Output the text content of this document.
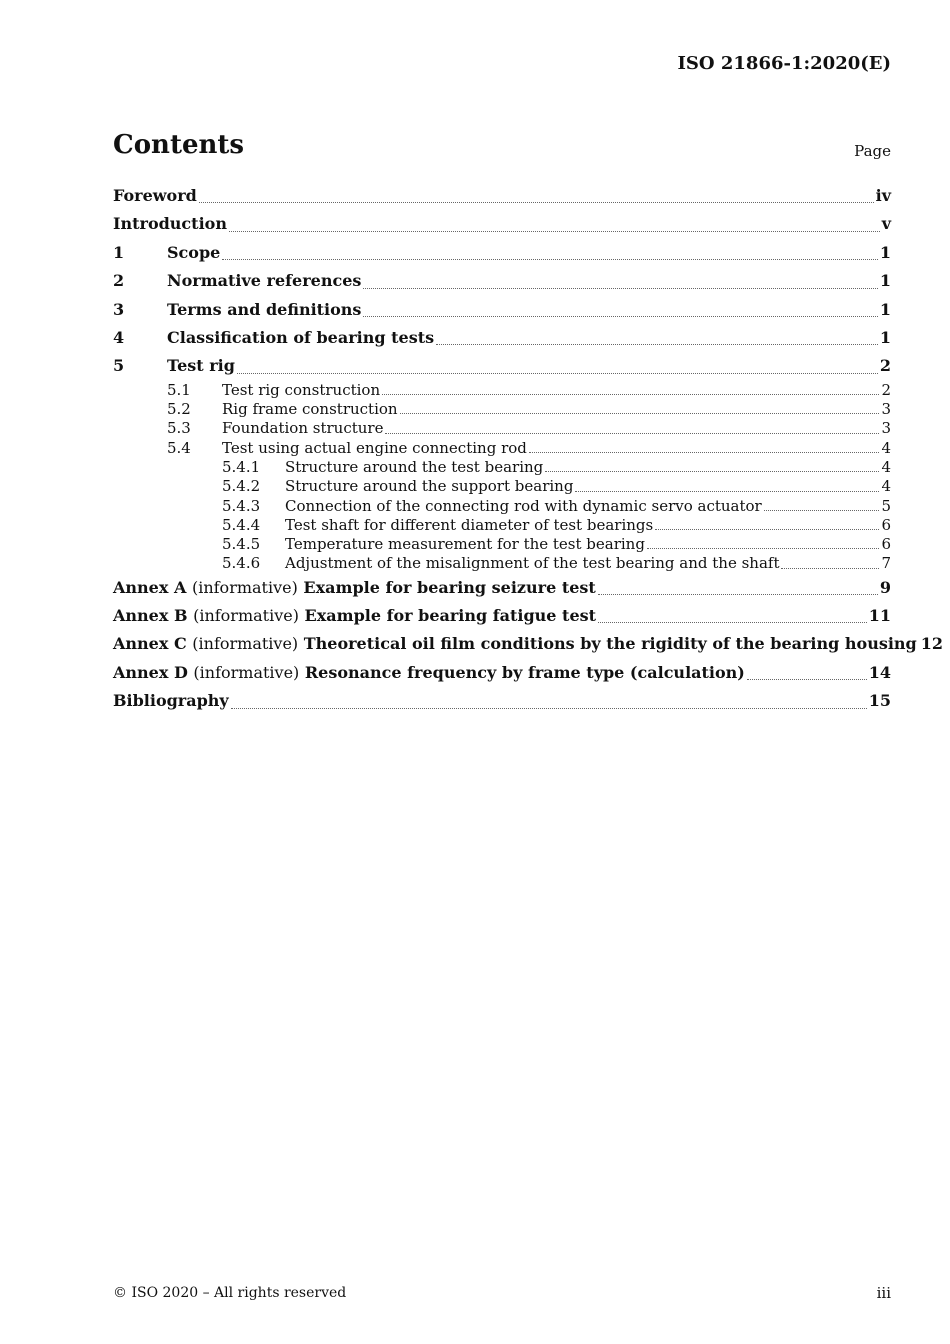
ISO 21866-1:2020(E)
Contents	Page
Foreword	iv
Introduction	v
1	Scope	1
2	Normative references	1
3	Terms and definitions	1
4	Classification of bearing tests	1
5	Test rig	2
5.1	Test rig construction	2
5.2	Rig frame construction	3
5.3	Foundation structure	3
5.4	Test using actual engine connecting rod	4
5.4.1	Structure around the test bearing	4
5.4.2	Structure around the support bearing	4
5.4.3	Connection of the connecting rod with dynamic servo actuator	5
5.4.4	Test shaft for different diameter of test bearings	6
5.4.5	Temperature measurement for the test bearing	6
5.4.6	Adjustment of the misalignment of the test bearing and the shaft	7
Annex A (informative) Example for bearing seizure test	9
Annex B (informative) Example for bearing fatigue test	11
Annex C (informative) Theoretical oil film conditions by the rigidity of the bearing housing 12
Annex D (informative) Resonance frequency by frame type (calculation)	14
Bibliography	15
© ISO 2020 – All rights reserved	iii
